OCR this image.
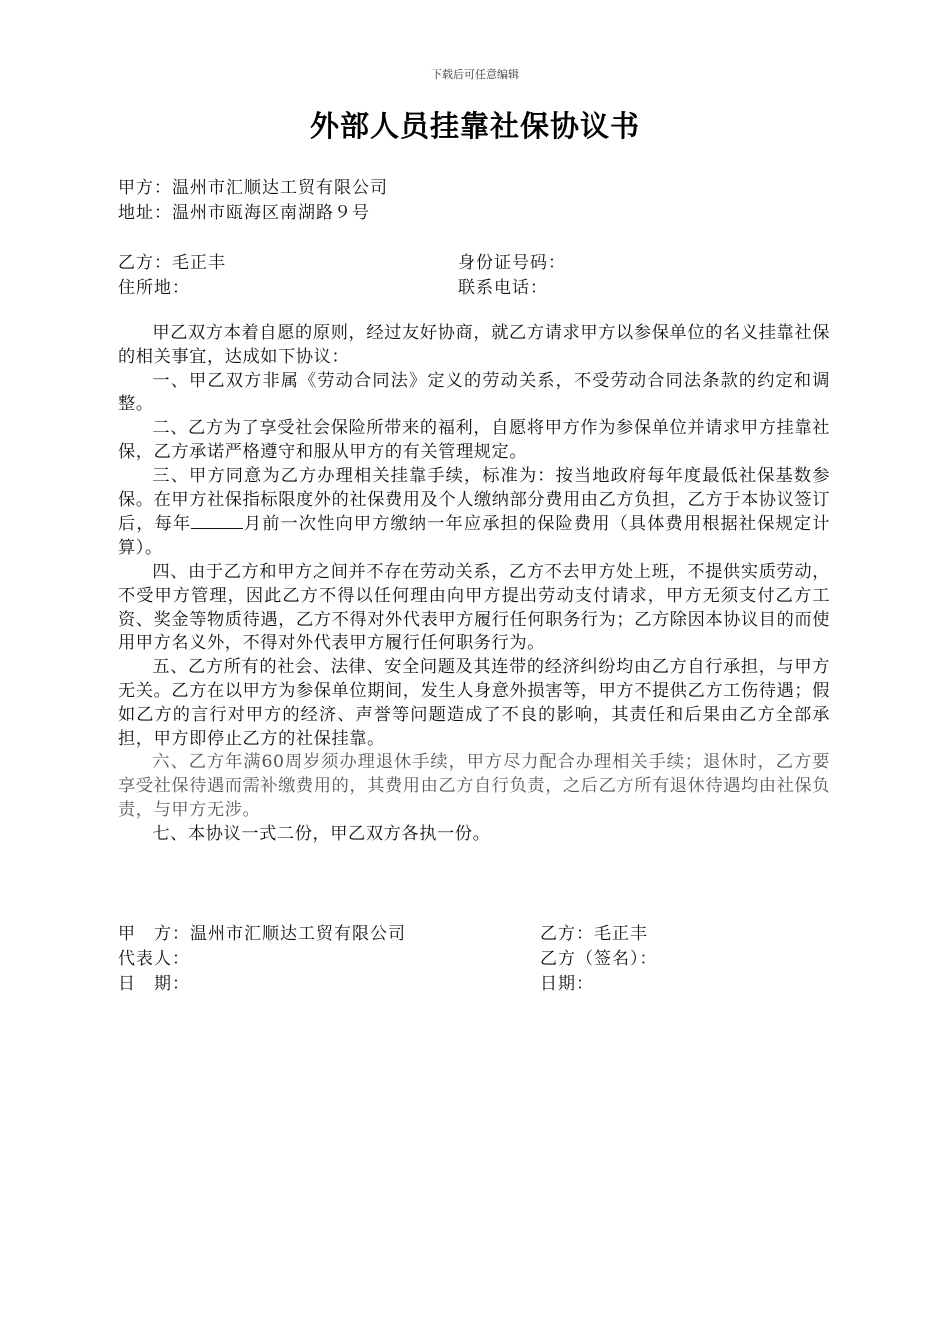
下载后可任意编辑
外部人员挂靠社保协议书
甲方：温州市汇顺达工贸有限公司
地址：温州市瓯海区南湖路９号
乙方：毛正丰	身份证号码：
住所地：	联系电话：

甲乙双方本着自愿的原则，经过友好协商，就乙方请求甲方以参保单位的名义挂靠社保的相关事宜，达成如下协议：

一、甲乙双方非属《劳动合同法》定义的劳动关系，不受劳动合同法条款的约定和调整。

二、乙方为了享受社会保险所带来的福利，自愿将甲方作为参保单位并请求甲方挂靠社保，乙方承诺严格遵守和服从甲方的有关管理规定。

三、甲方同意为乙方办理相关挂靠手续，标准为：按当地政府每年度最低社保基数参保。在甲方社保指标限度外的社保费用及个人缴纳部分费用由乙方负担，乙方于本协议签订后，每年	月前一次性向甲方缴纳一年应承担的保险费用（具体费用根据社保规定计算）。

四、由于乙方和甲方之间并不存在劳动关系，乙方不去甲方处上班，不提供实质劳动，不受甲方管理，因此乙方不得以任何理由向甲方提出劳动支付请求，甲方无须支付乙方工资、奖金等物质待遇，乙方不得对外代表甲方履行任何职务行为；乙方除因本协议目的而使用甲方名义外，不得对外代表甲方履行任何职务行为。

五、乙方所有的社会、法律、安全问题及其连带的经济纠纷均由乙方自行承担，与甲方无关。乙方在以甲方为参保单位期间，发生人身意外损害等，甲方不提供乙方工伤待遇；假如乙方的言行对甲方的经济、声誉等问题造成了不良的影响，其责任和后果由乙方全部承担，甲方即停止乙方的社保挂靠。

六、乙方年满60周岁须办理退休手续，甲方尽力配合办理相关手续；退休时，乙方要享受社保待遇而需补缴费用的，其费用由乙方自行负责，之后乙方所有退休待遇均由社保负责，与甲方无涉。

七、本协议一式二份，甲乙双方各执一份。

甲　方：温州市汇顺达工贸有限公司	乙方：毛正丰
代表人：	乙方（签名）：
日　期：	日期：
